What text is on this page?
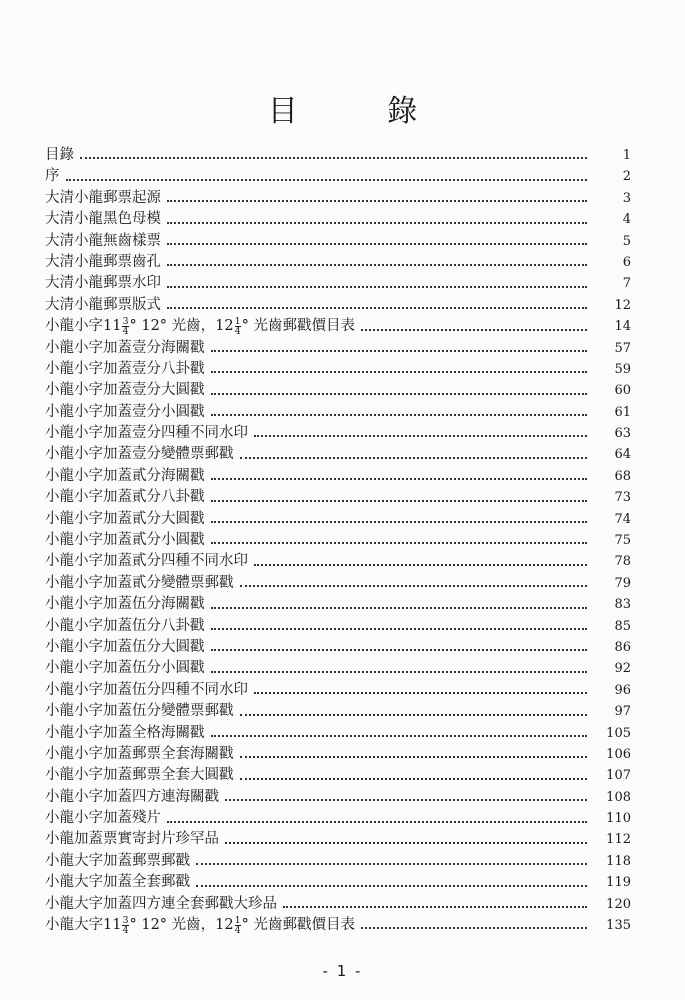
目 錄
目錄	1
序	2
大清小龍郵票起源	3
大清小龍黑色母模	4
大清小龍無齒樣票	5
大清小龍郵票齒孔	6
大清小龍郵票水印	7
大清小龍郵票版式	12
小龍小字$11 \frac{3}{4}$ ° 12° 光齒，$12 \frac{1}{4}$ ° 光齒郵戳價目表	14
小龍小字加蓋壹分海關戳	57
小龍小字加蓋壹分八卦戳	59
小龍小字加蓋壹分大圓戳	60
小龍小字加蓋壹分小圓戳	61
小龍小字加蓋壹分四種不同水印	63
小龍小字加蓋壹分變體票郵戳	64
小龍小字加蓋貳分海關戳	68
小龍小字加蓋貳分八卦戳	73
小龍小字加蓋貳分大圓戳	74
小龍小字加蓋貳分小圓戳	75
小龍小字加蓋貳分四種不同水印	78
小龍小字加蓋貳分變體票郵戳	79
小龍小字加蓋伍分海關戳	83
小龍小字加蓋伍分八卦戳	85
小龍小字加蓋伍分大圓戳	86
小龍小字加蓋伍分小圓戳	92
小龍小字加蓋伍分四種不同水印	96
小龍小字加蓋伍分變體票郵戳	97
小龍小字加蓋全格海關戳	105
小龍小字加蓋郵票全套海關戳	106
小龍小字加蓋郵票全套大圓戳	107
小龍小字加蓋四方連海關戳	108
小龍小字加蓋殘片	110
小龍加蓋票實寄封片珍罕品	112
小龍大字加蓋郵票郵戳	118
小龍大字加蓋全套郵戳	119
小龍大字加蓋四方連全套郵戳大珍品	120
小龍大字$11 \frac{3}{4}$ ° 12° 光齒，$12 \frac{1}{4}$ ° 光齒郵戳價目表	135
- 1 -
